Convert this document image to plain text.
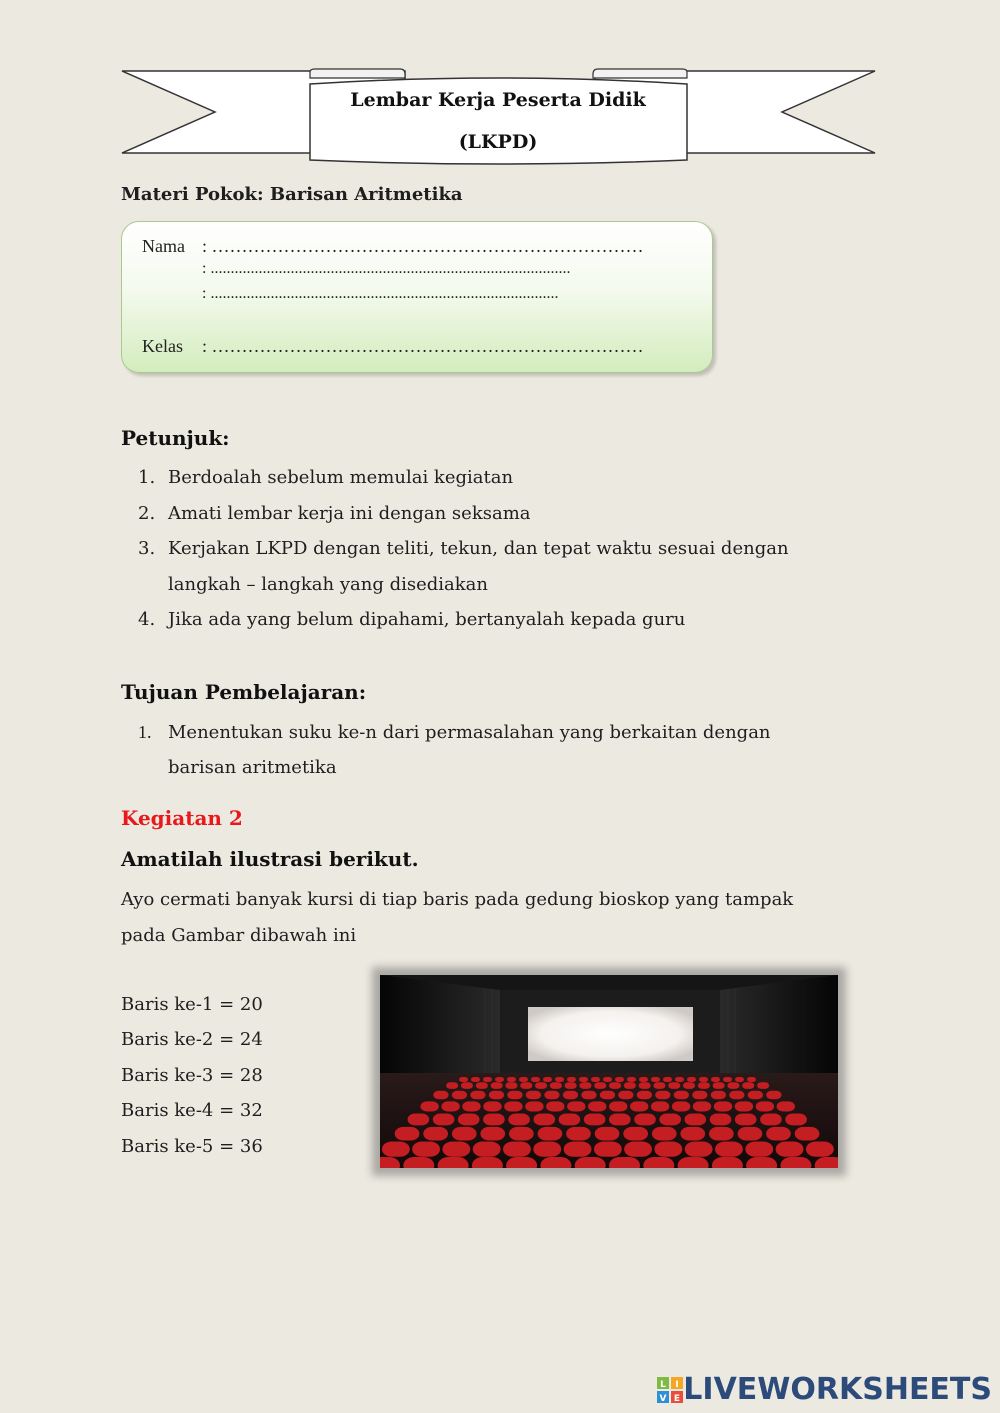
Lembar Kerja Peserta Didik
(LKPD)
Materi Pokok: Barisan Aritmetika
Nama : ………………………………………………………………
: ..........................................................................................
: .......................................................................................
Kelas : ………………………………………………………………
Petunjuk:
1. Berdoalah sebelum memulai kegiatan
2. Amati lembar kerja ini dengan seksama
3. Kerjakan LKPD dengan teliti, tekun, dan tepat waktu sesuai dengan
langkah – langkah yang disediakan
4. Jika ada yang belum dipahami, bertanyalah kepada guru
Tujuan Pembelajaran:
1. Menentukan suku ke-n dari permasalahan yang berkaitan dengan
barisan aritmetika
Kegiatan 2
Amatilah ilustrasi berikut.
Ayo cermati banyak kursi di tiap baris pada gedung bioskop yang tampak
pada Gambar dibawah ini
Baris ke-1 = 20
Baris ke-2 = 24
Baris ke-3 = 28
Baris ke-4 = 32
Baris ke-5 = 36
L I
V E LIVEWORKSHEETS
